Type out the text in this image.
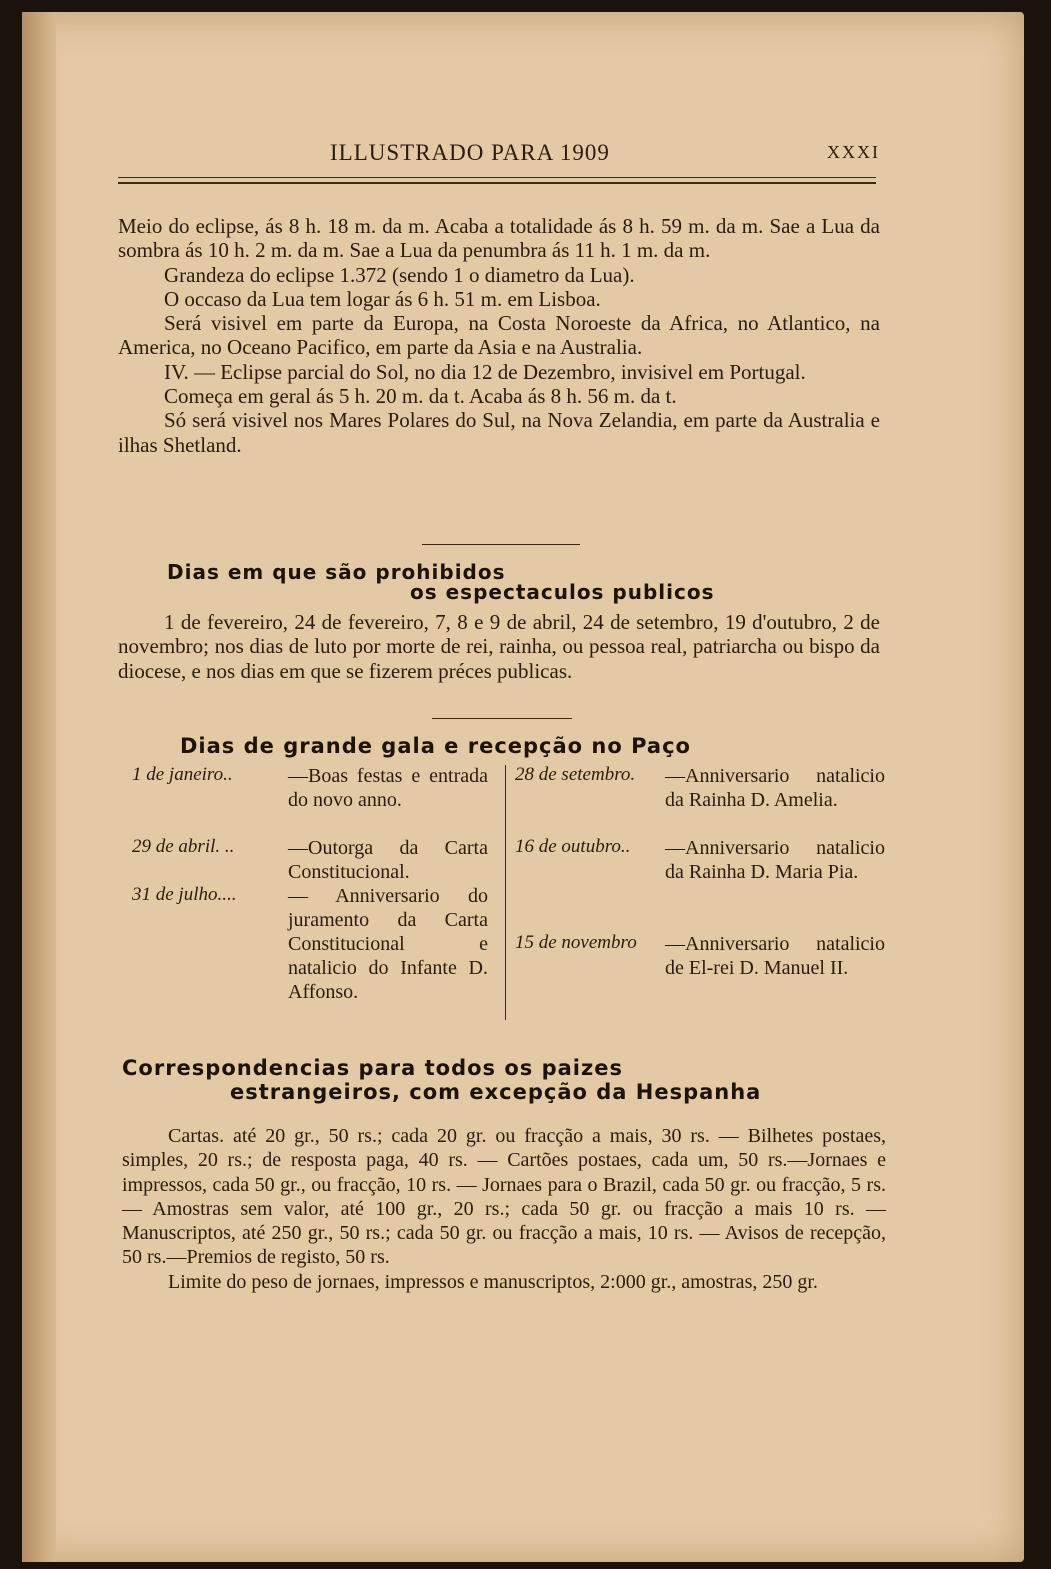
ILLUSTRADO PARA 1909	XXXI

Meio do eclipse, ás 8 h. 18 m. da m. Acaba a totalidade ás 8 h. 59 m. da m. Sae a Lua da sombra ás 10 h. 2 m. da m. Sae a Lua da penumbra ás 11 h. 1 m. da m.

Grandeza do eclipse 1.372 (sendo 1 o diametro da Lua).

O occaso da Lua tem logar ás 6 h. 51 m. em Lisboa.

Será visivel em parte da Europa, na Costa Noroeste da Africa, no Atlantico, na America, no Oceano Pacifico, em parte da Asia e na Australia.

IV. — Eclipse parcial do Sol, no dia 12 de Dezembro, invisivel em Portugal.

Começa em geral ás 5 h. 20 m. da t. Acaba ás 8 h. 56 m. da t.

Só será visivel nos Mares Polares do Sul, na Nova Zelandia, em parte da Australia e ilhas Shetland.

Dias em que são prohibidos
os espectaculos publicos

1 de fevereiro, 24 de fevereiro, 7, 8 e 9 de abril, 24 de setembro, 19 d'outubro, 2 de novembro; nos dias de luto por morte de rei, rainha, ou pessoa real, patriarcha ou bispo da diocese, e nos dias em que se fizerem préces publicas.

Dias de grande gala e recepção no Paço
1 de janeiro..	—Boas festas e entrada do novo anno.
29 de abril. ..	—Outorga da Carta Constitucional.
31 de julho....	— Anniversario do juramento da Carta Constitucional e natalicio do Infante D. Affonso.
28 de setembro. —Anniversario natalicio da Rainha D. Amelia.
16 de outubro.. —Anniversario natalicio da Rainha D. Maria Pia.
15 de novembro —Anniversario natalicio de El-rei D. Manuel II.
Correspondencias para todos os paizes
estrangeiros, com excepção da Hespanha

Cartas. até 20 gr., 50 rs.; cada 20 gr. ou fracção a mais, 30 rs. — Bilhetes postaes, simples, 20 rs.; de resposta paga, 40 rs. — Cartões postaes, cada um, 50 rs.—Jornaes e impressos, cada 50 gr., ou fracção, 10 rs. — Jornaes para o Brazil, cada 50 gr. ou fracção, 5 rs. — Amostras sem valor, até 100 gr., 20 rs.; cada 50 gr. ou fracção a mais 10 rs. — Manuscriptos, até 250 gr., 50 rs.; cada 50 gr. ou fracção a mais, 10 rs. — Avisos de recepção, 50 rs.—Premios de registo, 50 rs.

Limite do peso de jornaes, impressos e manuscriptos, 2:000 gr., amostras, 250 gr.
